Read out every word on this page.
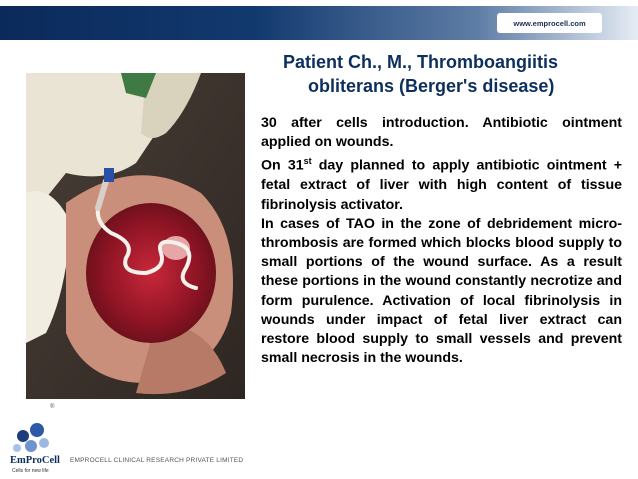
www.emprocell.com
Patient Ch., M., Thromboangiitis
obliterans (Berger's disease)

30 after cells introduction. Antibiotic ointment applied on wounds.

On 31st day planned to apply antibiotic ointment + fetal extract of liver with high content of tissue fibrinolysis activator.

In cases of TAO in the zone of debridement micro-thrombosis are formed which blocks blood supply to small portions of the wound surface. As a result these portions in the wound constantly necrotize and form purulence. Activation of local fibrinolysis in wounds under impact of fetal liver extract can restore blood supply to small vessels and prevent small necrosis in the wounds.

®
EmProCell
Cells for new life
EMPROCELL CLINICAL RESEARCH PRIVATE LIMITED
